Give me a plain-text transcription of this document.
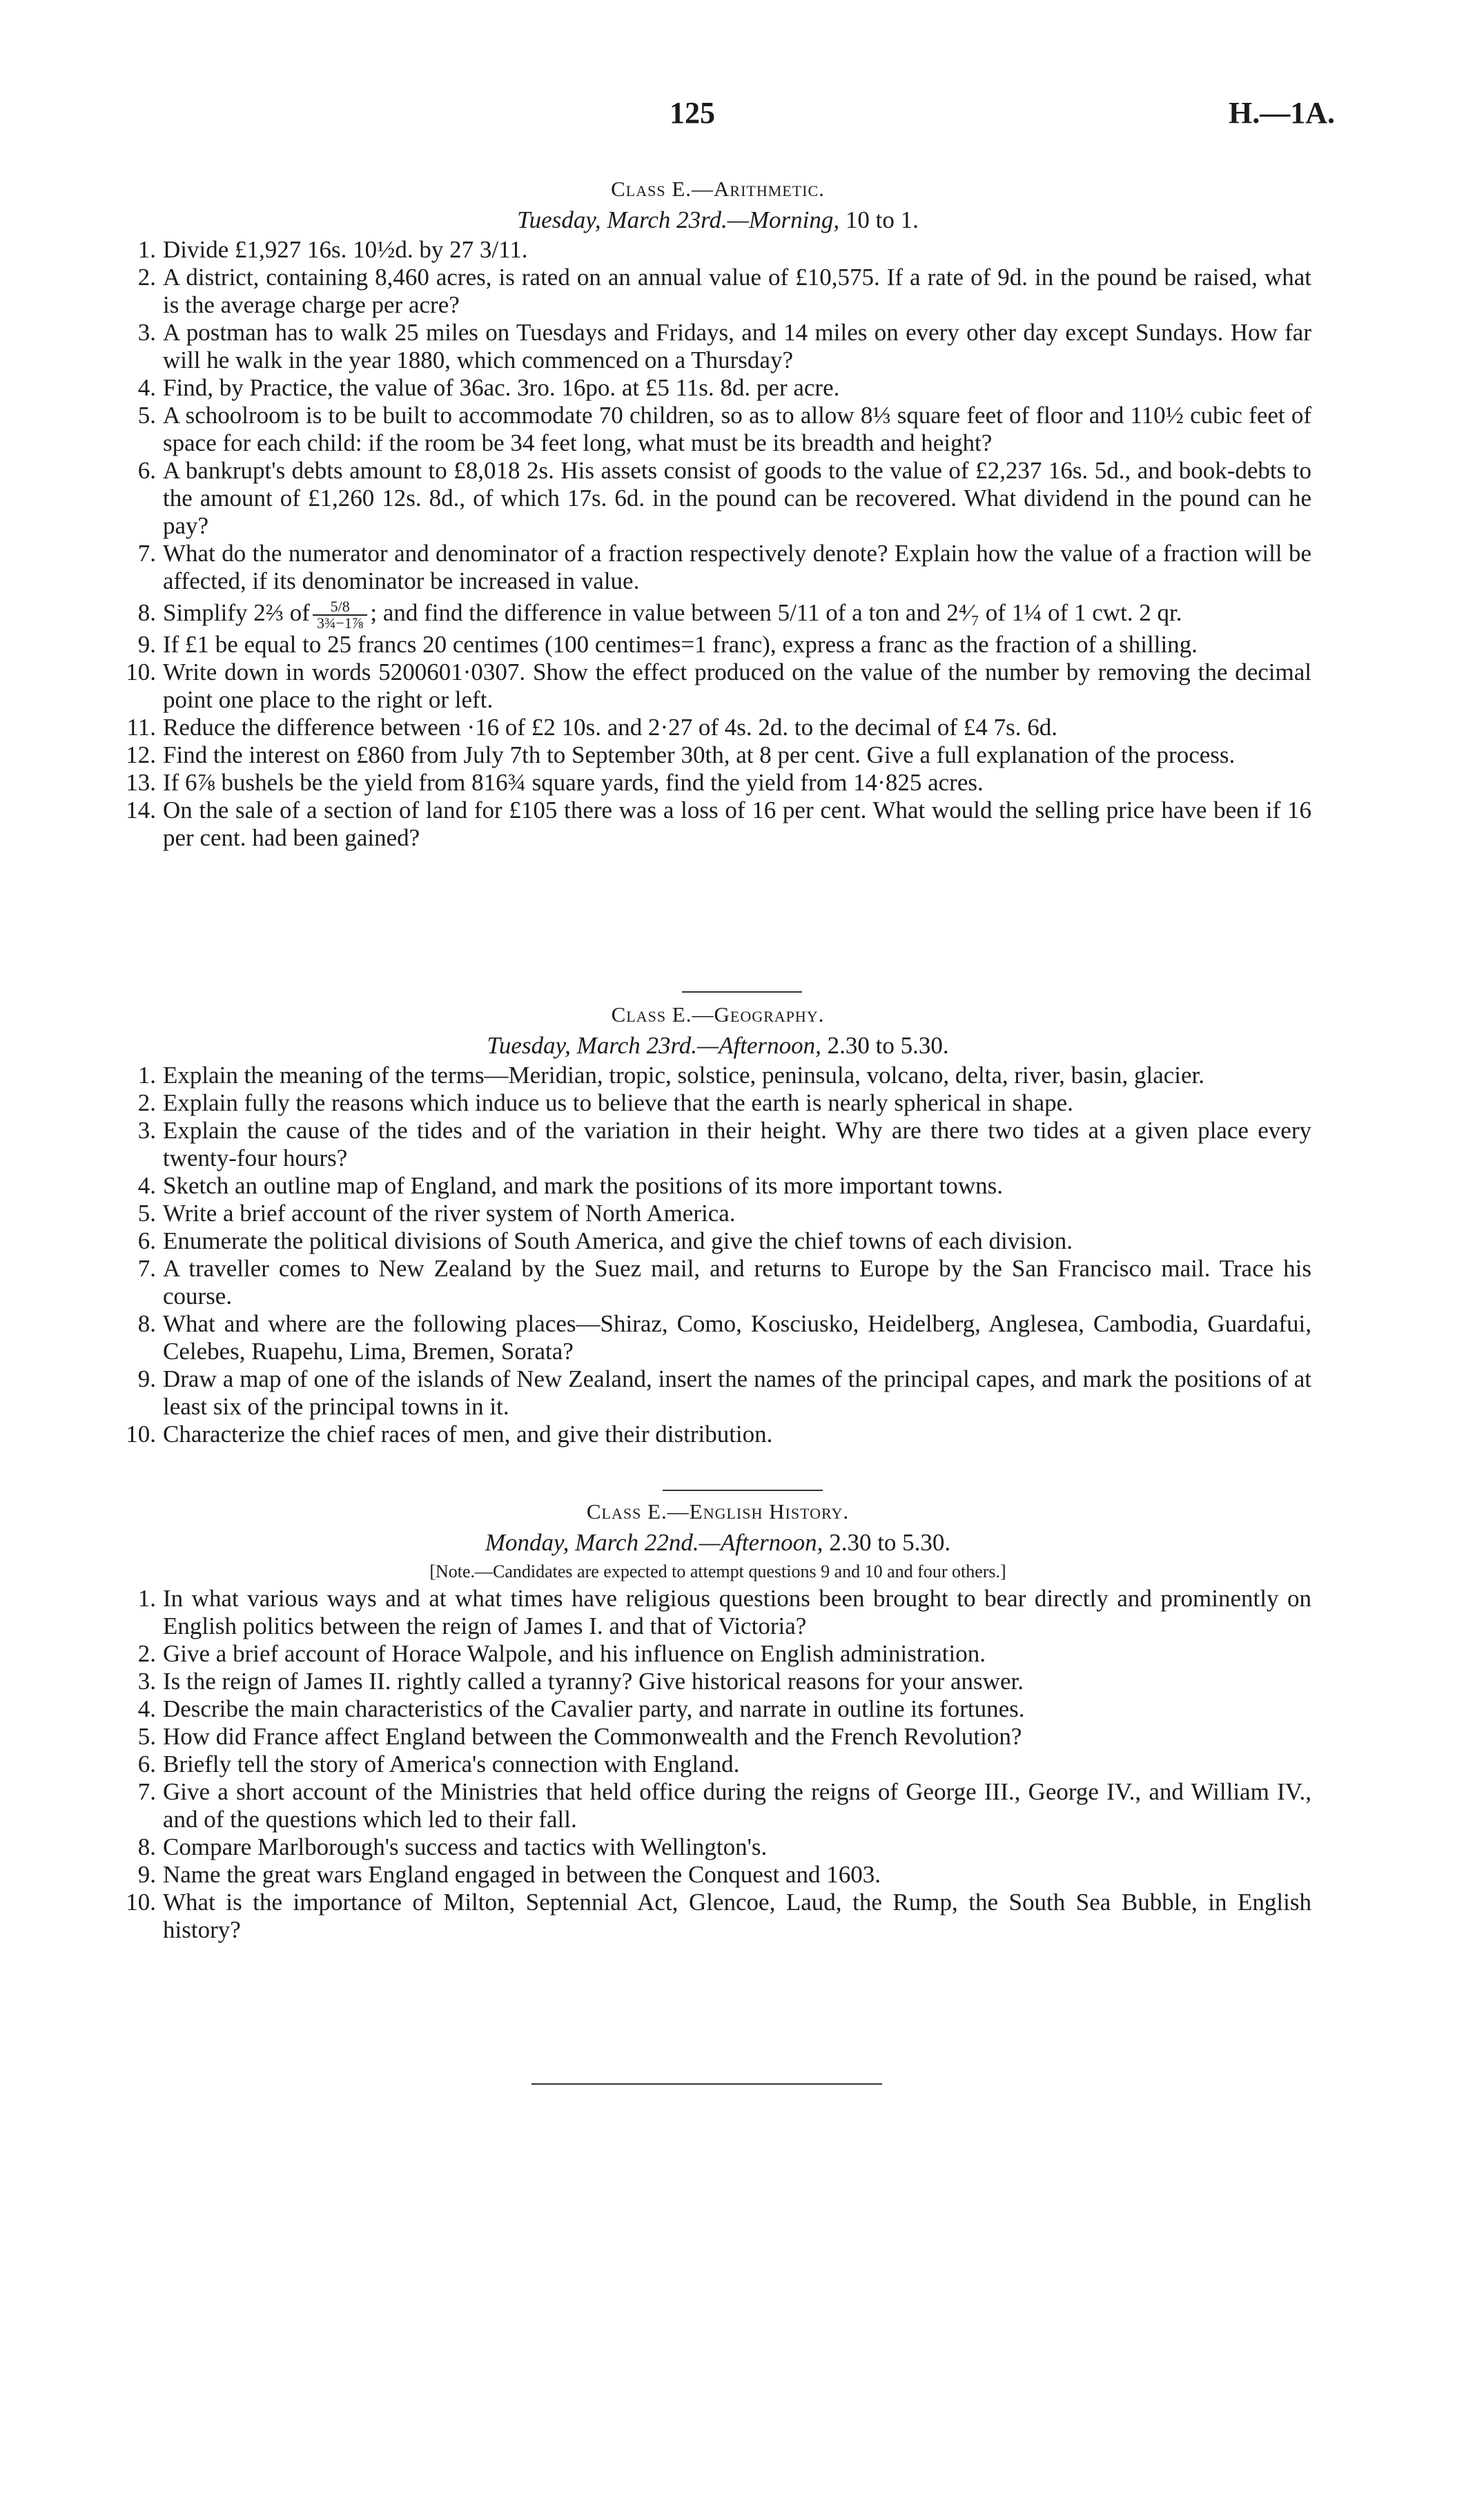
125	H.—1A.
Class E.—Arithmetic.
Tuesday, March 23rd.—Morning, 10 to 1.
1. Divide £1,927 16s. 10½d. by 27 3/11.
2. A district, containing 8,460 acres, is rated on an annual value of £10,575. If a rate of 9d. in the pound be raised, what is the average charge per acre?
3. A postman has to walk 25 miles on Tuesdays and Fridays, and 14 miles on every other day except Sundays. How far will he walk in the year 1880, which commenced on a Thursday?
4. Find, by Practice, the value of 36ac. 3ro. 16po. at £5 11s. 8d. per acre.
5. A schoolroom is to be built to accommodate 70 children, so as to allow 8⅓ square feet of floor and 110½ cubic feet of space for each child: if the room be 34 feet long, what must be its breadth and height?
6. A bankrupt's debts amount to £8,018 2s. His assets consist of goods to the value of £2,237 16s. 5d., and book-debts to the amount of £1,260 12s. 8d., of which 17s. 6d. in the pound can be recovered. What dividend in the pound can he pay?
7. What do the numerator and denominator of a fraction respectively denote? Explain how the value of a fraction will be affected, if its denominator be increased in value.
8. Simplify 2⅔ of $\frac{5/8}{\text{3¾−1⅞}}$ ; and find the difference in value between 5/11 of a ton and 2⁴⁄₇ of 1¼ of 1 cwt. 2 qr.
9. If £1 be equal to 25 francs 20 centimes (100 centimes=1 franc), express a franc as the fraction of a shilling.
10. Write down in words 5200601·0307. Show the effect produced on the value of the number by removing the decimal point one place to the right or left.
11. Reduce the difference between ·16 of £2 10s. and 2·27 of 4s. 2d. to the decimal of £4 7s. 6d.
12. Find the interest on £860 from July 7th to September 30th, at 8 per cent. Give a full explanation of the process.
13. If 6⅞ bushels be the yield from 816¾ square yards, find the yield from 14·825 acres.
14. On the sale of a section of land for £105 there was a loss of 16 per cent. What would the selling price have been if 16 per cent. had been gained?
Class E.—Geography.
Tuesday, March 23rd.—Afternoon, 2.30 to 5.30.
1. Explain the meaning of the terms—Meridian, tropic, solstice, peninsula, volcano, delta, river, basin, glacier.
2. Explain fully the reasons which induce us to believe that the earth is nearly spherical in shape.
3. Explain the cause of the tides and of the variation in their height. Why are there two tides at a given place every twenty-four hours?
4. Sketch an outline map of England, and mark the positions of its more important towns.
5. Write a brief account of the river system of North America.
6. Enumerate the political divisions of South America, and give the chief towns of each division.
7. A traveller comes to New Zealand by the Suez mail, and returns to Europe by the San Francisco mail. Trace his course.
8. What and where are the following places—Shiraz, Como, Kosciusko, Heidelberg, Anglesea, Cambodia, Guardafui, Celebes, Ruapehu, Lima, Bremen, Sorata?
9. Draw a map of one of the islands of New Zealand, insert the names of the principal capes, and mark the positions of at least six of the principal towns in it.
10. Characterize the chief races of men, and give their distribution.
Class E.—English History.
Monday, March 22nd.—Afternoon, 2.30 to 5.30.
[Note.—Candidates are expected to attempt questions 9 and 10 and four others.]
1. In what various ways and at what times have religious questions been brought to bear directly and prominently on English politics between the reign of James I. and that of Victoria?
2. Give a brief account of Horace Walpole, and his influence on English administration.
3. Is the reign of James II. rightly called a tyranny? Give historical reasons for your answer.
4. Describe the main characteristics of the Cavalier party, and narrate in outline its fortunes.
5. How did France affect England between the Commonwealth and the French Revolution?
6. Briefly tell the story of America's connection with England.
7. Give a short account of the Ministries that held office during the reigns of George III., George IV., and William IV., and of the questions which led to their fall.
8. Compare Marlborough's success and tactics with Wellington's.
9. Name the great wars England engaged in between the Conquest and 1603.
10. What is the importance of Milton, Septennial Act, Glencoe, Laud, the Rump, the South Sea Bubble, in English history?
